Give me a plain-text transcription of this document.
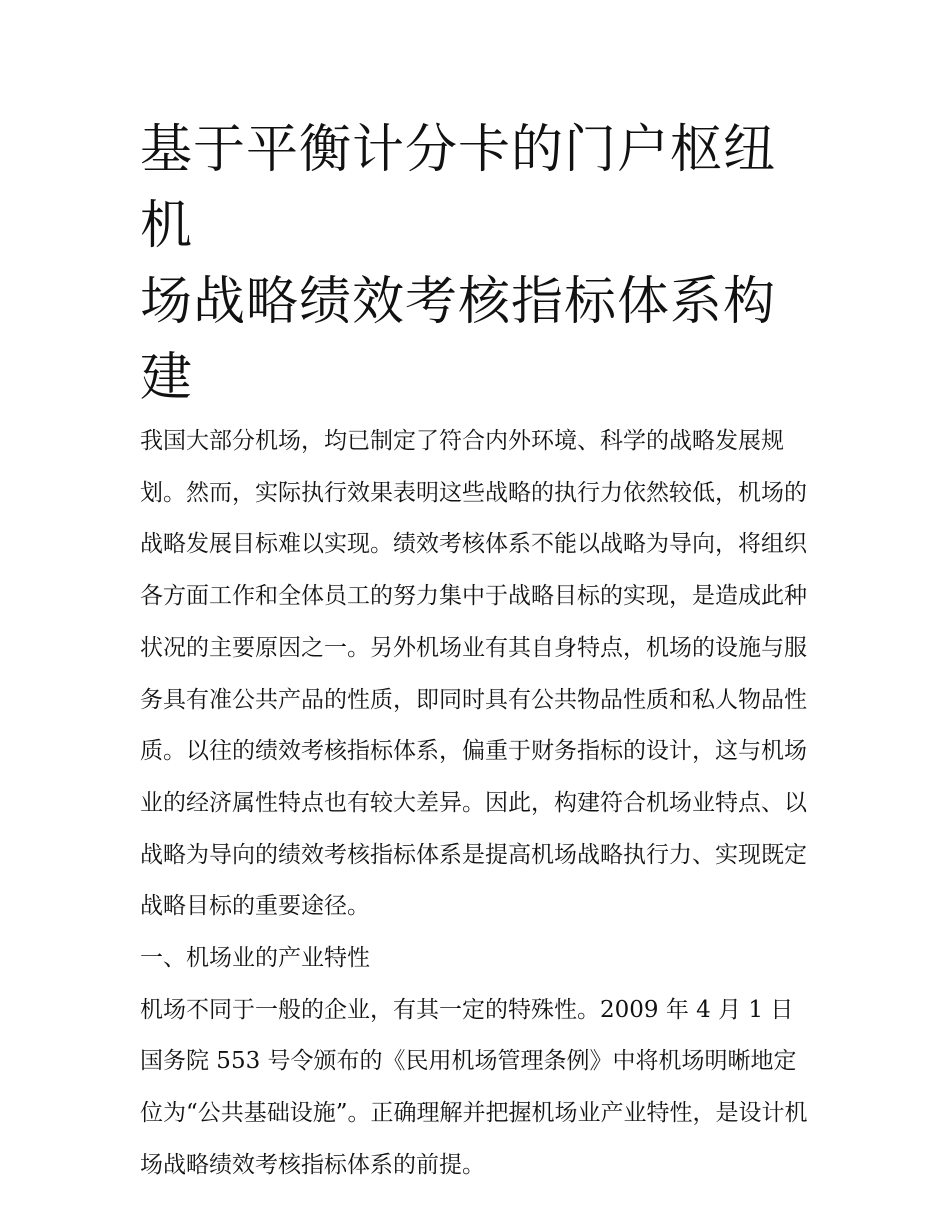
基于平衡计分卡的门户枢纽机
场战略绩效考核指标体系构建

我国大部分机场，均已制定了符合内外环境、科学的战略发展规划。然而，实际执行效果表明这些战略的执行力依然较低，机场的战略发展目标难以实现。绩效考核体系不能以战略为导向，将组织各方面工作和全体员工的努力集中于战略目标的实现，是造成此种状况的主要原因之一。另外机场业有其自身特点，机场的设施与服务具有准公共产品的性质，即同时具有公共物品性质和私人物品性质。以往的绩效考核指标体系，偏重于财务指标的设计，这与机场业的经济属性特点也有较大差异。因此，构建符合机场业特点、以战略为导向的绩效考核指标体系是提高机场战略执行力、实现既定战略目标的重要途径。

一、机场业的产业特性

机场不同于一般的企业，有其一定的特殊性。2009 年 4 月 1 日国务院 553 号令颁布的《民用机场管理条例》中将机场明晰地定位为“公共基础设施”。正确理解并把握机场业产业特性，是设计机场战略绩效考核指标体系的前提。
